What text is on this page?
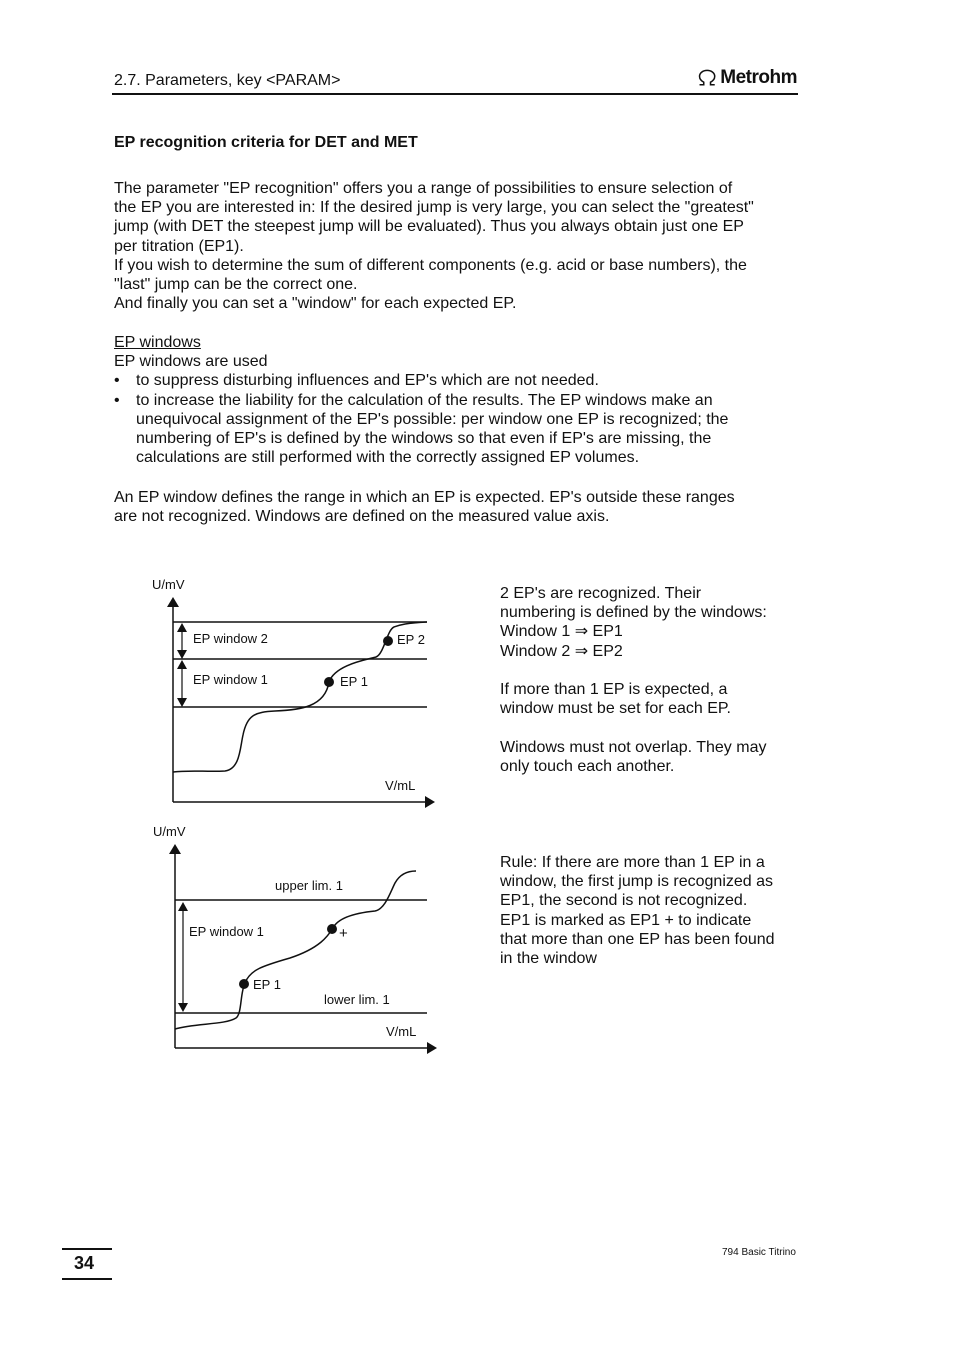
2.7. Parameters, key <PARAM>	Metrohm
EP recognition criteria for DET and MET

The parameter "EP recognition" offers you a range of possibilities to ensure selection of

the EP you are interested in: If the desired jump is very large, you can select the "greatest"

jump (with DET the steepest jump will be evaluated). Thus you always obtain just one EP

per titration (EP1).

If you wish to determine the sum of different components (e.g. acid or base numbers), the

"last" jump can be the correct one.

And finally you can set a "window" for each expected EP.

EP windows

EP windows are used

• to suppress disturbing influences and EP's which are not needed.

• to increase the liability for the calculation of the results. The EP windows make an

unequivocal assignment of the EP's possible: per window one EP is recognized; the

numbering of EP's is defined by the windows so that even if EP's are missing, the

calculations are still performed with the correctly assigned EP volumes.

An EP window defines the range in which an EP is expected. EP's outside these ranges

are not recognized. Windows are defined on the measured value axis.

U/mV
V/mL
EP window 2
EP window 1	EP 1
EP 2
U/mV
V/mL
upper lim. 1
EP window 1
lower lim. 1
EP 1
+

2 EP's are recognized. Their

numbering is defined by the windows:

Window 1 ⇒ EP1

Window 2 ⇒ EP2

If more than 1 EP is expected, a

window must be set for each EP.

Windows must not overlap. They may

only touch each another.

Rule: If there are more than 1 EP in a

window, the first jump is recognized as

EP1, the second is not recognized.

EP1 is marked as EP1 + to indicate

that more than one EP has been found

in the window

34
794 Basic Titrino
